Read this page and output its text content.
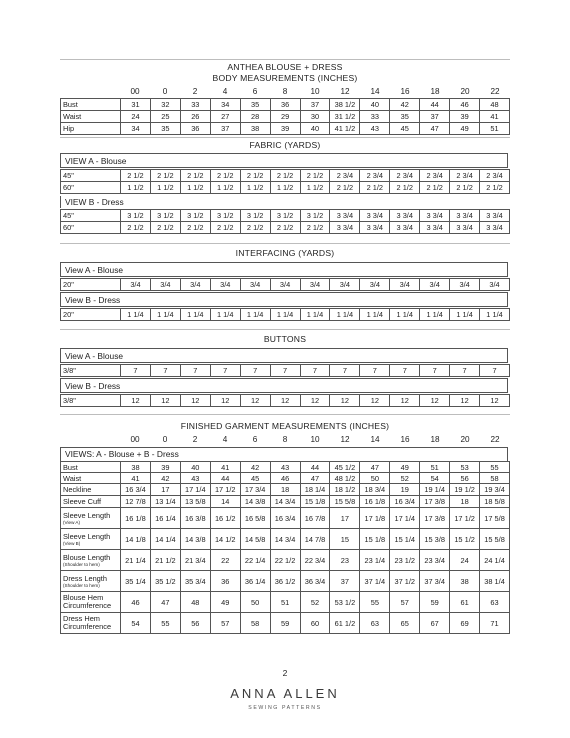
ANTHEA BLOUSE + DRESS
BODY MEASUREMENTS (INCHES)
	00	0	2	4	6	8	10	12	14	16	18	20	22
Bust	31	32	33	34	35	36	37	38 1/2	40	42	44	46	48
Waist	24	25	26	27	28	29	30	31 1/2	33	35	37	39	41
Hip	34	35	36	37	38	39	40	41 1/2	43	45	47	49	51
FABRIC (YARDS)
VIEW A - Blouse
45"	2 1/2	2 1/2	2 1/2	2 1/2	2 1/2	2 1/2	2 1/2	2 3/4	2 3/4	2 3/4	2 3/4	2 3/4	2 3/4
60"	1 1/2	1 1/2	1 1/2	1 1/2	1 1/2	1 1/2	1 1/2	2 1/2	2 1/2	2 1/2	2 1/2	2 1/2	2 1/2
VIEW B - Dress
45"	3 1/2	3 1/2	3 1/2	3 1/2	3 1/2	3 1/2	3 1/2	3 3/4	3 3/4	3 3/4	3 3/4	3 3/4	3 3/4
60"	2 1/2	2 1/2	2 1/2	2 1/2	2 1/2	2 1/2	2 1/2	3 3/4	3 3/4	3 3/4	3 3/4	3 3/4	3 3/4
INTERFACING (YARDS)
View A - Blouse
20"	3/4	3/4	3/4	3/4	3/4	3/4	3/4	3/4	3/4	3/4	3/4	3/4	3/4
View B - Dress
20"	1 1/4	1 1/4	1 1/4	1 1/4	1 1/4	1 1/4	1 1/4	1 1/4	1 1/4	1 1/4	1 1/4	1 1/4	1 1/4
BUTTONS
View A - Blouse
3/8"	7	7	7	7	7	7	7	7	7	7	7	7	7
View B - Dress
3/8"	12	12	12	12	12	12	12	12	12	12	12	12	12
FINISHED GARMENT MEASUREMENTS (INCHES)
	00	0	2	4	6	8	10	12	14	16	18	20	22
VIEWS: A - Blouse + B - Dress
Bust	38	39	40	41	42	43	44	45 1/2	47	49	51	53	55
Waist	41	42	43	44	45	46	47	48 1/2	50	52	54	56	58
Neckline	16 3/4	17	17 1/4	17 1/2	17 3/4	18	18 1/4	18 1/2	18 3/4	19	19 1/4	19 1/2	19 3/4
Sleeve Cuff	12 7/8	13 1/4	13 5/8	14	14 3/8	14 3/4	15 1/8	15 5/8	16 1/8	16 3/4	17 3/8	18	18 5/8

Sleeve Length
(View A)	16 1/8	16 1/4	16 3/8	16 1/2	16 5/8	16 3/4	16 7/8	17	17 1/8	17 1/4	17 3/8	17 1/2	17 5/8

Sleeve Length
(View B)	14 1/8	14 1/4	14 3/8	14 1/2	14 5/8	14 3/4	14 7/8	15	15 1/8	15 1/4	15 3/8	15 1/2	15 5/8

Blouse Length
(Shoulder to hem)	21 1/4	21 1/2	21 3/4	22	22 1/4	22 1/2	22 3/4	23	23 1/4	23 1/2	23 3/4	24	24 1/4

Dress Length
(Shoulder to hem)	35 1/4	35 1/2	35 3/4	36	36 1/4	36 1/2	36 3/4	37	37 1/4	37 1/2	37 3/4	38	38 1/4

Blouse Hem
Circumference	46	47	48	49	50	51	52	53 1/2	55	57	59	61	63

Dress Hem
Circumference	54	55	56	57	58	59	60	61 1/2	63	65	67	69	71
2
ANNA ALLEN
SEWING PATTERNS
